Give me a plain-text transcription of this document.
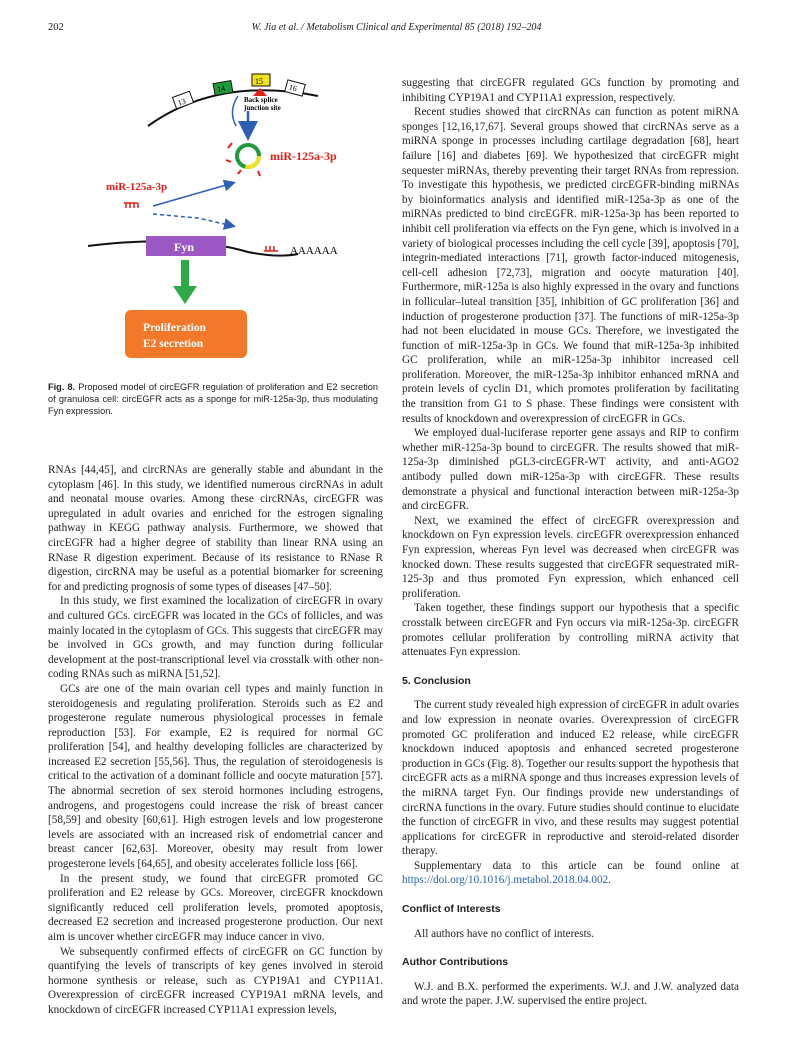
202	W. Jia et al. / Metabolism Clinical and Experimental 85 (2018) 192–204
13
14
15
16
Back splice
junction site
miR-125a-3p
miR-125a-3p
Fyn	AAAAAA
Proliferation
E2 secretion
Fig. 8. Proposed model of circEGFR regulation of proliferation and E2 secretion of granulosa cell: circEGFR acts as a sponge for miR-125a-3p, thus modulating Fyn expression.

RNAs [44,45], and circRNAs are generally stable and abundant in the cytoplasm [46]. In this study, we identified numerous circRNAs in adult and neonatal mouse ovaries. Among these circRNAs, circEGFR was upregulated in adult ovaries and enriched for the estrogen signaling pathway in KEGG pathway analysis. Furthermore, we showed that circEGFR had a higher degree of stability than linear RNA using an RNase R digestion experiment. Because of its resistance to RNase R digestion, circRNA may be useful as a potential biomarker for screening for and predicting prognosis of some types of diseases [47–50].

In this study, we first examined the localization of circEGFR in ovary and cultured GCs. circEGFR was located in the GCs of follicles, and was mainly located in the cytoplasm of GCs. This suggests that circEGFR may be involved in GCs growth, and may function during follicular development at the post-transcriptional level via crosstalk with other non-coding RNAs such as miRNA [51,52].

GCs are one of the main ovarian cell types and mainly function in steroidogenesis and regulating proliferation. Steroids such as E2 and progesterone regulate numerous physiological processes in female reproduction [53]. For example, E2 is required for normal GC proliferation [54], and healthy developing follicles are characterized by increased E2 secretion [55,56]. Thus, the regulation of steroidogenesis is critical to the activation of a dominant follicle and oocyte maturation [57]. The abnormal secretion of sex steroid hormones including estrogens, androgens, and progestogens could increase the risk of breast cancer [58,59] and obesity [60,61]. High estrogen levels and low progesterone levels are associated with an increased risk of endometrial cancer and breast cancer [62,63]. Moreover, obesity may result from lower progesterone levels [64,65], and obesity accelerates follicle loss [66].

In the present study, we found that circEGFR promoted GC proliferation and E2 release by GCs. Moreover, circEGFR knockdown significantly reduced cell proliferation levels, promoted apoptosis, decreased E2 secretion and increased progesterone production. Our next aim is uncover whether circEGFR may induce cancer in vivo.

We subsequently confirmed effects of circEGFR on GC function by quantifying the levels of transcripts of key genes involved in steroid hormone synthesis or release, such as CYP19A1 and CYP11A1. Overexpression of circEGFR increased CYP19A1 mRNA levels, and knockdown of circEGFR increased CYP11A1 expression levels,

suggesting that circEGFR regulated GCs function by promoting and inhibiting CYP19A1 and CYP11A1 expression, respectively.

Recent studies showed that circRNAs can function as potent miRNA sponges [12,16,17,67]. Several groups showed that circRNAs serve as a miRNA sponge in processes including cartilage degradation [68], heart failure [16] and diabetes [69]. We hypothesized that circEGFR might sequester miRNAs, thereby preventing their target RNAs from repression. To investigate this hypothesis, we predicted circEGFR-binding miRNAs by bioinformatics analysis and identified miR-125a-3p as one of the miRNAs predicted to bind circEGFR. miR-125a-3p has been reported to inhibit cell proliferation via effects on the Fyn gene, which is involved in a variety of biological processes including the cell cycle [39], apoptosis [70], integrin-mediated interactions [71], growth factor-induced mitogenesis, cell-cell adhesion [72,73], migration and oocyte maturation [40]. Furthermore, miR-125a is also highly expressed in the ovary and functions in follicular–luteal transition [35], inhibition of GC proliferation [36] and induction of progesterone production [37]. The functions of miR-125a-3p had not been elucidated in mouse GCs. Therefore, we investigated the function of miR-125a-3p in GCs. We found that miR-125a-3p inhibited GC proliferation, while an miR-125a-3p inhibitor increased cell proliferation. Moreover, the miR-125a-3p inhibitor enhanced mRNA and protein levels of cyclin D1, which promotes proliferation by facilitating the transition from G1 to S phase. These findings were consistent with results of knockdown and overexpression of circEGFR in GCs.

We employed dual-luciferase reporter gene assays and RIP to confirm whether miR-125a-3p bound to circEGFR. The results showed that miR-125a-3p diminished pGL3-circEGFR-WT activity, and anti-AGO2 antibody pulled down miR-125a-3p with circEGFR. These results demonstrate a physical and functional interaction between miR-125a-3p and circEGFR.

Next, we examined the effect of circEGFR overexpression and knockdown on Fyn expression levels. circEGFR overexpression enhanced Fyn expression, whereas Fyn level was decreased when circEGFR was knocked down. These results suggested that circEGFR sequestrated miR-125-3p and thus promoted Fyn expression, which enhanced cell proliferation.

Taken together, these findings support our hypothesis that a specific crosstalk between circEGFR and Fyn occurs via miR-125a-3p. circEGFR promotes cellular proliferation by controlling miRNA activity that attenuates Fyn expression.

5. Conclusion

The current study revealed high expression of circEGFR in adult ovaries and low expression in neonate ovaries. Overexpression of circEGFR promoted GC proliferation and induced E2 release, while circEGFR knockdown induced apoptosis and enhanced secreted progesterone production in GCs (Fig. 8). Together our results support the hypothesis that circEGFR acts as a miRNA sponge and thus increases expression levels of the miRNA target Fyn. Our findings provide new understandings of circRNA functions in the ovary. Future studies should continue to elucidate the function of circEGFR in vivo, and these results may suggest potential applications for circEGFR in reproductive and steroid-related disorder therapy.

Supplementary data to this article can be found online at https://doi.org/10.1016/j.metabol.2018.04.002.

Conflict of Interests

All authors have no conflict of interests.

Author Contributions

W.J. and B.X. performed the experiments. W.J. and J.W. analyzed data and wrote the paper. J.W. supervised the entire project.
